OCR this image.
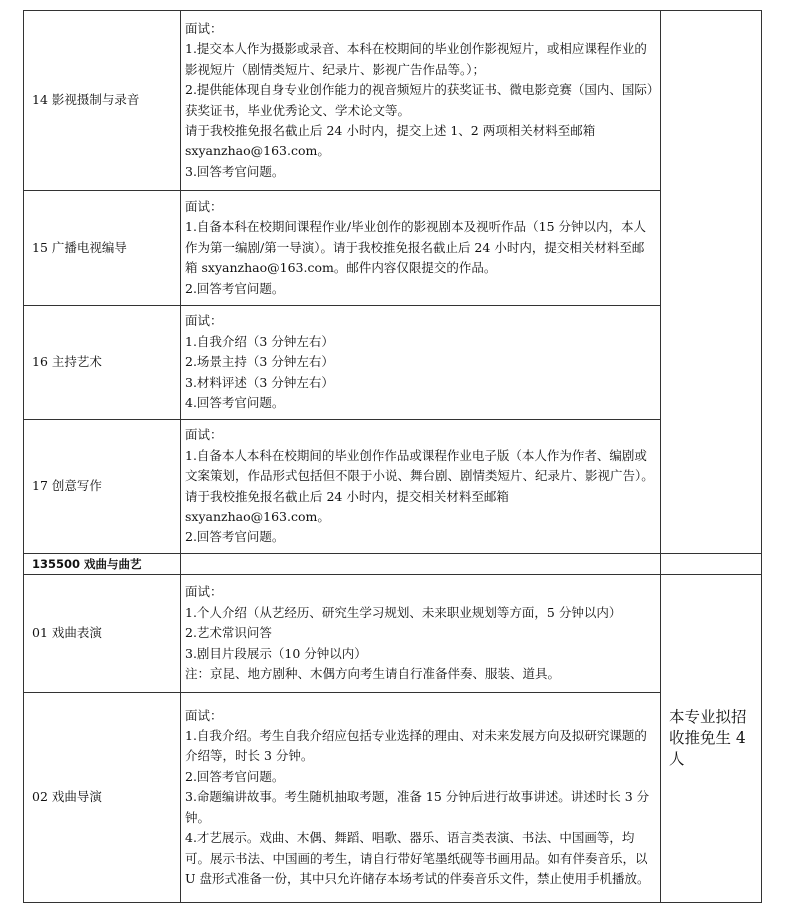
14 影视摄制与录音	面试：

1.提交本人作为摄影或录音、本科在校期间的毕业创作影视短片，或相应课程作业的影视短片（剧情类短片、纪录片、影视广告作品等。）；

2.提供能体现自身专业创作能力的视音频短片的获奖证书、微电影竞赛（国内、国际）获奖证书，毕业优秀论文、学术论文等。

请于我校推免报名截止后 24 小时内，提交上述 1、2 两项相关材料至邮箱 sxyanzhao@163.com。

3.回答考官问题。	

15 广播电视编导	面试：

1.自备本科在校期间课程作业/毕业创作的影视剧本及视听作品（15 分钟以内，本人作为第一编剧/第一导演）。请于我校推免报名截止后 24 小时内，提交相关材料至邮箱 sxyanzhao@163.com。邮件内容仅限提交的作品。

2.回答考官问题。	

16 主持艺术	面试：

1.自我介绍（3 分钟左右）

2.场景主持（3 分钟左右）

3.材料评述（3 分钟左右）

4.回答考官问题。	

17 创意写作	面试：

1.自备本人本科在校期间的毕业创作作品或课程作业电子版（本人作为作者、编剧或文案策划，作品形式包括但不限于小说、舞台剧、剧情类短片、纪录片、影视广告）。请于我校推免报名截止后 24 小时内，提交相关材料至邮箱 sxyanzhao@163.com。

2.回答考官问题。	

135500 戏曲与曲艺		
01 戏曲表演	面试：

1.个人介绍（从艺经历、研究生学习规划、未来职业规划等方面，5 分钟以内）

2.艺术常识问答

3.剧目片段展示（10 分钟以内）

注：京昆、地方剧种、木偶方向考生请自行准备伴奏、服装、道具。	本专业拟招收推免生 4 人
02 戏曲导演	面试：

1.自我介绍。考生自我介绍应包括专业选择的理由、对未来发展方向及拟研究课题的介绍等，时长 3 分钟。

2.回答考官问题。

3.命题编讲故事。考生随机抽取考题，准备 15 分钟后进行故事讲述。讲述时长 3 分钟。

4.才艺展示。戏曲、木偶、舞蹈、唱歌、器乐、语言类表演、书法、中国画等，均可。展示书法、中国画的考生，请自行带好笔墨纸砚等书画用品。如有伴奏音乐，以 U 盘形式准备一份，其中只允许储存本场考试的伴奏音乐文件，禁止使用手机播放。	
